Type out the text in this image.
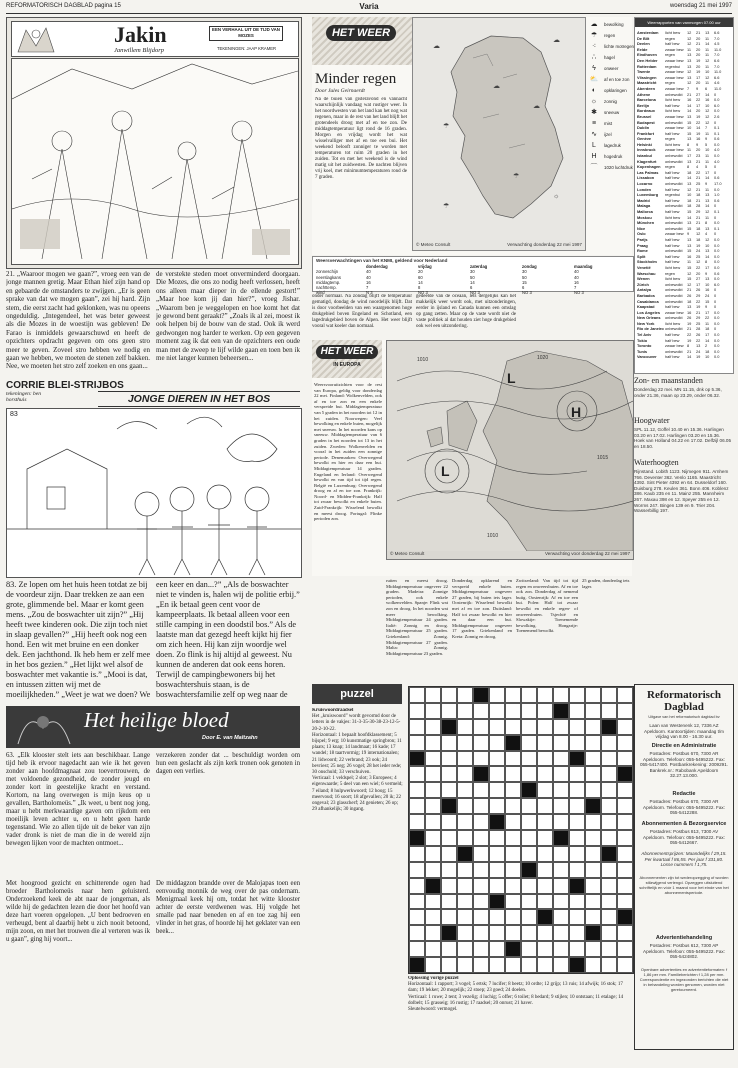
REFORMATORISCH DAGBLAD pagina 15	Varia	woensdag 21 mei 1997
Jakin	EEN VERHAAL UIT DE TIJD VAN MOZES
Janwillem Blijdorp	TEKENINGEN: JAAP KRAMER
21. „Waaroor mogen we gaan?”, vroeg een van de jonge mannen gretig. Maar Ethan hief zijn hand op en gebaarde de omstanders te zwijgen. „Er is geen sprake van dat we mogen gaan”, zei hij hard. Zijn stem, die eerst zacht had geklonken, was nu opeens ongeduldig. „Integendeel, het was beter geweest als die Mozes in de woestijn was gebleven! De Farao is inmiddels gewaarschuwd en heeft de opzichters opdracht gegeven om ons geen stro meer te geven. Zoveel stro hebben we nodig en gaan we hebben, we moeten de stenen zelf bakken. Nee, we moeten het stro zelf zoeken en ons gaan...
de verstekte steden moet onverminderd doorgaan. Die Mozes, die ons zo nodig heeft verlossen, heeft ons alleen maar dieper in de ellende gestort!” „Maar hoe kom jij dan hier?”, vroeg Jishar. „Waarom ben je weggelopen en hoe komt het dat je gewond bent geraakt?” „Zoals ik al zei, moest ik ook helpen bij de bouw van de stad. Ook ik werd gedwongen nog harder te werken. Op een gegeven moment zag ik dat een van de opzichters een oude man met de zweep te lijf wilde gaan en toen ben ik me niet langer kunnen beheersen...
CORRIE BLEI-STRIJBOS
tekeningen: ben horsthuis	JONGE DIEREN IN HET BOS
83
83. Ze lopen om het huis heen totdat ze bij de voordeur zijn. Daar trekken ze aan een grote, glimmende bel. Maar er komt geen mens. „Zou de boswachter uit zijn?” „Hij heeft twee kinderen ook. Die zijn toch niet in slaap gevallen?” „Hij heeft ook nog een hond. Een wit met bruine en een donker dek. Een jachthond. Ik heb hem er zelf mee in het bos gezien.” „Het lijkt wel alsof de boswachter met vakantie is.” „Mooi is dat, en intussen zitten wij met de moeilijkheden.” „Weet je wat we doen? We
een keer en dan...?” „Als de boswachter niet te vinden is, halen wij de politie erbij.” „En ik betaal geen cent voor de kampeerplaats. Ik betaal alleen voor een stille camping in een doodstil bos.” Als de laatste man dat gezegd heeft kijkt hij fier om zich heen. Hij kan zijn woordje wel doen. Zo flink is hij altijd al geweest. Nu kunnen de anderen dat ook eens horen. Terwijl de campingbewoners bij het boswachtershuis staan, is de boswachtersfamilie zelf op weg naar de
Het heilige bloed
Door E. van Maltzahn
63. „Elk klooster stelt iets aan beschikbaar. Lange tijd heb ik ervoor nagedacht aan wie ik het geven zonder aan hoofdmagnaat zou toevertrouwen, de met voldoende gezondheid, de zonder jeugd en zonder kort in geestelijke kracht en verstand. Kortom, na lang overwegen is mijn keus op u gevallen, Bartholomeüs.” „Ik weet, u bent nog jong, maar u hebt merkwaardige gaven om rijkdom een moeilijk leven achter u, en u hebt geen harde tegenstand. Wie zo allen tijde uit de beker van zijn vader dronk is niet de man die in de wereld zijn bewegen lijken voor de machten ontmoet...
Met hoogrood gezicht en schitterende ogen had broeder Bartholomeüs naar hem geluisterd. Onderzoekend keek de abt naar de jongeman, als wilde hij de gedachten lezen die door het hoofd van deze hart voeren opgelopen. „U bent bedroeven en verheugd, bent al daarbij hebt u zich nooit betoond, mijn zoon, en met het trouwen die al verteren was ik u gaan”, ging hij voort...
verzekeren zonder dat ... beschuldigt worden om hun een geslacht als zijn kerk tronen ook genoten in dagen een verlies.
De middagzon brandde over de Malojapas toen een eenvoudig monnik de weg over de pas ondernam. Menigmaal keek hij om, totdat het witte klooster achter de eerste verdwenen was. Hij volgde het smalle pad naar beneden en af en toe zag hij een vlinder in het gras, of hoorde hij het geklater van een beek...
HET WEER
Minder regen
Door Jules Geirnaerdt
Na de buien van gisteravond en vannacht waarschijnlijk vandaag wat rustiger weer. In het noordwesten van het land kan het nog wat regenen, maar in de rest van het land blijft het grotendeels droog met af en toe zon. De middagtemperatuur ligt rond de 16 graden. Morgen en vrijdag wordt het wat wisselvalliger met af en toe een bui. Het weekend belooft zonniger te worden met temperaturen tot ruim 20 graden in het zuiden. Tot en met het weekend is de wind matig uit het zuidwesten. De nachten blijven vrij koel, met minimumtemperaturen rond de 7 graden.
☁
☁
☂
☁
☼
☂
☁
☂
© Meteo Consult	Verwachting donderdag 22 mei 1997
☁	bewolking
☂	regen
⁖	lichte motregen
∴	hagel
ϟ	onweer
⛅	af en toe zon
◐	opklaringen
☼	zonnig
✱	sneeuw
≡	mist
∿	ijzel
L	lagedruk
H	hogedruk
⌒	1020 luchtdruk
Weersverwachtingen van het KNMI, geldend voor Nederland
donderdag	vrijdag	zaterdag	zondag	maandag
zonneschijn	40	20	30	30	40
neerslagkans	40	60	50	50	40
middagtemp.	16	14	14	15	16
nachttemp.	7	8	6	6	7
wind	N 3	NO 3	NO 3	NO 3	NO 3
onder normaal. Na zondag blijft de temperatuur gematigd, dondag de wind noordelijk blijft. Dat is door voorbeelden van een waargenomen hoge drukgebied boven Engeland en Schotland, een lagedrukgebied boven de Alpen. Het weer blijft vooral wat koeler dan normaal.
gedeelde van de oceaan, lets dergelijks kan het makkelijk weer wordt ook, met uitzonderingen, eerder in ijsland en Canada kunnen een omslag op gang zetten. Maar op de vaste wordt niet de vaste politiek al dat houden ziet hoge drukgebied ook wel een uitzondering.
Weerrapporten van vanmorgen 07.00 uur
Amsterdam	licht bew	12	21	13	6.6
De Bilt	regen	12	20	11	7.0
Deelen	half bew	12	21	14	4.5
Eelde	zwaar bew 11	20	11	11.0
Eindhoven	regen	13	20	11	7.0
Den Helder	zwaar bew 13	19	12	6.6
Rotterdam	regenbui	13	20	11	7.0
Twente	zwaar bew 12	19	10	11.0
Vlissingen	zwaar bew 13	17	12	6.6
Maastricht	regen	12	20	11	4.6
Aberdeen	zwaar bew 7	9	6	11.0
Athene	onbewolkt	21	27	14	0
Barcelona	licht bew	16	22	16	0.0
Berlijn	half bew	14	17	10	6.0
Bordeaux	licht bew	14	20	12	0.0
Brussel	zwaar bew 13	19	12	2.6
Budapest	onbewolkt	15	22	12	0
Dublin	zwaar bew 10	14	7	0.1
Frankfurt	half bew	15	19	11	0.1
Genève	regen	13	16	9	0.6
Helsinki	licht bew	8	9	5	0.0
Innsbruck	zwaar bew 11	20	10	4.0
Istanbul	onbewolkt	17	23	11	0.0
Klagenfurt	onbewolkt	13	21	11	4.0
Kopenhagen	regen	8	4	5	0
Las Palmas	half bew	18	22	17	0
Lissabon	half bew	14	21	14	0.6
Locarno	onbewolkt	13	25	9	17.0
Londen	half bew	12	21	11	0.0
Luxemburg	regenbui	10	18	13	1.0
Madrid	half bew	18	21	13	0.6
Malaga	onbewolkt	18	28	14	0
Mallorca	half bew	15	29	12	0.1
Moskou	licht bew	14	21	11	0
München	onbewolkt	13	21	8	0.0
Nice	onbewolkt	15	18	13	0.1
Oslo	zwaar bew 9	12	4	0
Parijs	half bew	13	18	12	0.0
Praag	half bew	13	19	10	0.0
Rome	onbewolkt	15	24	13	0.0
Split	half bew	16	25	14	0.0
Stockholm	half bew	11	12	8	0.0
Venetië	licht bew	15	22	17	0.0
Warschau	regen	12	20	9	0.6
Wenen	licht bew	15	27	13	0.0
Zürich	onbewolkt	12	17	10	6.0
Antalya	onbewolkt	21	26	16	0
Barbados	onbewolkt	26	29	24	0
Casablanca	onbewolkt	18	22	15	0
Kaapstad	half bew	13	19	9	0
Los Angeles	zwaar bew 16	21	17	0.0
New Orleans	onbewolkt	26	29	22	0.0
New York	licht bew	19	25	11	0.0
Rio de Janeiro onbewolkt	21	28	18	0
Tel Aviv	half bew	22	26	17	0.0
Tokio	half bew	19	22	14	0.0
Toronto	zwaar bew 8	13	2	0.0
Tunis	onbewolkt	21	24	18	0.0
Vancouver	half bew	14	19	10	0.0
Zon- en maanstanden
Donderdag 22 mei. MN 11.15, dnk op 5.36, onder 21.36, maan op 23.29, onder 06.32.
Hoogwater
SPL 11.12, Goffel 10.40 en 15.36. Harlingen 03.20 en 17.02. Harlingen 03.20 en 15.36. Hoek van Holland 04.22 en 17.02. Delfzijl 06.05 en 18.50.
Waterhoogten
Rijnstand. Lobith 1123. Nijmegen 911. Arnhem 766. Deventer 362. Venlo 1165. Maastricht 4392. Sint Pieter 4392 en 64. Dusseldorf 160. Duisburg 278. Keulen 361. Bonn 406. Koblenz 386. Kaub 235 en 11. Mainz 255. Mannheim 267. Maxau 398 en 12. Speyer 255 en 12. Worms 247. Bingen 139 en 9. Trier 204. Wasserbillig 197.
HET WEER
IN EUROPA
Weersvooruitzichten voor de rest van Europa, geldig voor donderdag 22 mei. Finland: Wolkenvelden, ook af en toe zon en een enkele verspreide bui. Middagtemperatuur van 5 graden in het noorden tot 12 in het zuiden. Noorwegen: Veel bewolking en enkele buien, mogelijk met sneeuw. In het noorden kans op sneeuw. Middagtemperatuur van 6 graden in het noorden tot 13 in het zuiden. Zweden: Wolkenvelden en vooral in het zuiden een zonnige periode. Denemarken: Overwegend bewolkt en hier en daar een bui. Middagtemperatuur 14 graden. Engeland en Ierland: Overwegend bewolkt en van tijd tot tijd regen. België en Luxemburg: Overwegend droog en af en toe zon. Frankrijk: Noord- en Midden-Frankrijk: Half tot zwaar bewolkt en enkele buien. Zuid-Frankrijk: Wisselend bewolkt en meest droog. Portugal: Flinke perioden zon.
L
H
L
1010	1020
1015
1010
© Meteo Consult	Verwachting voor donderdag 22 mei 1997
ruiten en meest droog. Middagtemperatuur ongeveer 22 graden. Madeira: Zonnige perioden, ook enkele wolkenvelden. Spanje: Flink wat zon en droog. In het noorden wat meer bewolking. Middagtemperatuur 24 graden. Italië: Zonnig en droog. Middagtemperatuur 25 graden. Griekenland: Zonnig. Middagtemperatuur 27 graden. Malta: Zonnig. Middagtemperatuur 23 graden.
Donderdag opklarend en verspreid enkele buien. Middagtemperatuur ongeveer 27 graden, bij buien iets lager. Oostenrijk: Wisselend bewolkt met af en toe zon. Duitsland: Half tot zwaar bewolkt en hier en daar een bui. Middagtemperatuur ongeveer 17 graden. Griekenland en Kreta: Zonnig en droog.
Zwitserland: Van tijd tot tijd regen en onweersbuien. Af en toe ook zon. Donderdag af nemend buiig. Oostenrijk: Af en toe een bui. Polen: Half tot zwaar bewolkt en enkele regen- of onweersbuien. Tsjechië en Slowakije: Toenemende bewolking. Hongarije: Toenemend bewolkt.
25 graden, donderdag iets lager.
puzzel
Kruiswoordraadsel
Het „kruiswoord” wordt gevormd door de letters in de vakjes: 31-3-35-30-38-23-12-5-20-2-10-22.
Horizontaal: 1 bepaalt hoofdklassement; 5 bijspel; 9 erg; 10 kunstmatige springbron; 11 plaats; 13 knap; 14 landmaat; 16 kade; 17 wandel; 18 taartvormig; 19 internationalen; 21 lidwoord; 22 verbrand; 23 ook; 24 bevriest; 25 neg; 26 vogel; 28 het ieder rede; 30 onschuld; 33 verschuiven.
Verticaal: 1 veldspel; 2 slot; 3 Europees; 4 eigenwaarde; 5 deel van een wiel; 6 vermeld; 7 eiland; 8 hulpwerkwoord; 12 hoog; 15 meervoud; 16 soort; 18 afgevallen; 20 ik; 22 ongeval; 23 glasscherf; 24 genieten; 26 op; 29 afhankelijk; 30 ingang.
Oplossing vorige puzzel
Horizontaal: 1 rapport; 3 vogel; 5 ertsk; 7 lucifer; 8 beetz; 10 ordte; 12 grijp; 13 ruis; 14 afwijk; 16 stok; 17 dam; 19 lekker; 20 mogelijk; 22 stoep; 23 goed; 24 doelen.
Verticaal: 1 ruwe; 2 tent; 3 vezelig; 4 luchig; 5 offer; 6 toilet; 8 bedard; 9 stijlen; 10 ontstaan; 11 etalage; 14 dolbelt; 15 grasseig; 16 rustig; 17 raadsel; 20 onrust; 21 haver.
Sleutelwoord: vermogel.
Reformatorisch Dagblad
Uitgave van het reformatorisch dagblad bv
Laan van Westenenk 12, 7336 AZ Apeldoorn. Kantoortijden: maandag t/m vrijdag van 8.00 - 16.30 uur.
Directie en Administratie
Postadres: Postbus 670, 7300 AR Apeldoorn. Telefoon: 055-5495222. Fax: 055-5417400. Postbankrekening: 2009291. Bankrek.nr.: Rabobank Apeldoorn 32.27.13.000.
Redactie
Postadres: Postbus 670, 7300 AR Apeldoorn. Telefoon: 055-5495222. Fax: 055-5412288.
Abonnementen & Bezorgservice
Postadres: Postbus 813, 7300 AV Apeldoorn. Telefoon: 055-5495222. Fax: 055-5412667.
Abonnementsprijzen: Maandelijks f 29,15. Per kwartaal f 86,55. Per jaar f 331,80. Losse nummers f 1,75.
Abonnementen zijn tot wederopzegging of worden stilzwijgend verlengd. Opzeggen uitsluitend schriftelijk en vóór 1 maand voor het einde van het abonnementsperiode.
Advertentiehandeling
Postadres: Postbus 612, 7300 AP Apeldoorn. Telefoon: 055-5495222. Fax: 055-5424802.
Openbare advertenties en advertentieformaten: f 1,86 per mm. Familieberichten f 1,28 per mm. Correspondentie en ingezonden berichten die niet in behandeling worden genomen, worden niet geretourneerd.
